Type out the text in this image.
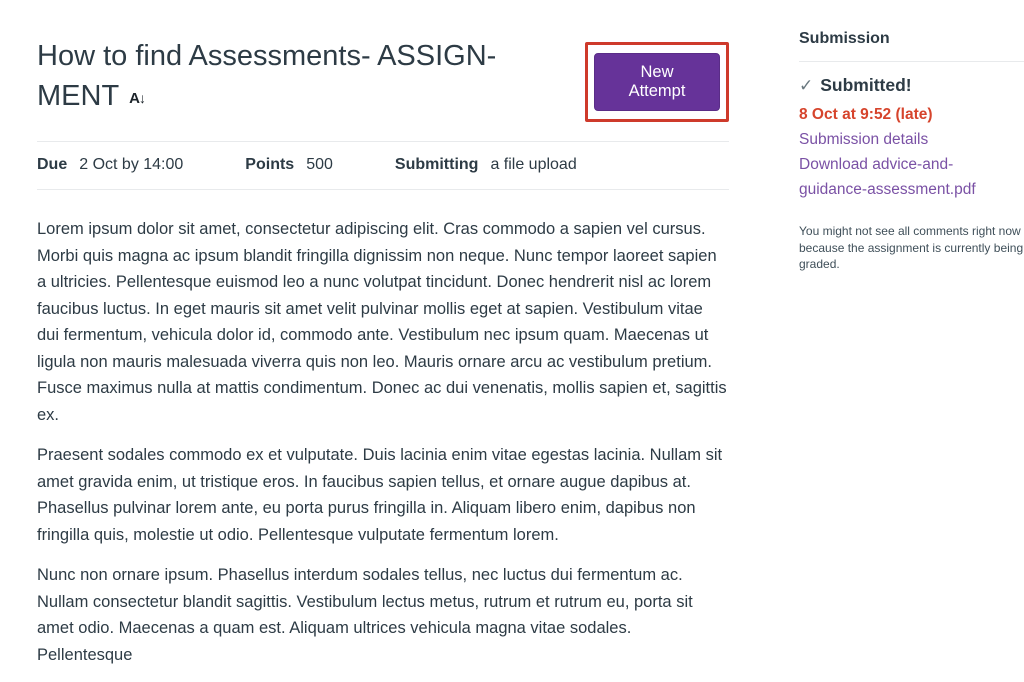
How to find Assessments- ASSIGN-
MENT A↓
New Attempt
Due 2 Oct by 14:00	Points 500	Submitting a file upload

Lorem ipsum dolor sit amet, consectetur adipiscing elit. Cras commodo a sapien vel cursus. Morbi quis magna ac ipsum blandit fringilla dignissim non neque. Nunc tempor laoreet sapien a ultricies. Pellentesque euismod leo a nunc volutpat tincidunt. Donec hendrerit nisl ac lorem faucibus luctus. In eget mauris sit amet velit pulvinar mollis eget at sapien. Vestibulum vitae dui fermentum, vehicula dolor id, commodo ante. Vestibulum nec ipsum quam. Maecenas ut ligula non mauris malesuada viverra quis non leo. Mauris ornare arcu ac vestibulum pretium. Fusce maximus nulla at mattis condimentum. Donec ac dui venenatis, mollis sapien et, sagittis ex.

Praesent sodales commodo ex et vulputate. Duis lacinia enim vitae egestas lacinia. Nullam sit amet gravida enim, ut tristique eros. In faucibus sapien tellus, et ornare augue dapibus at. Phasellus pulvinar lorem ante, eu porta purus fringilla in. Aliquam libero enim, dapibus non fringilla quis, molestie ut odio. Pellentesque vulputate fermentum lorem.

Nunc non ornare ipsum. Phasellus interdum sodales tellus, nec luctus dui fermentum ac. Nullam consectetur blandit sagittis. Vestibulum lectus metus, rutrum et rutrum eu, porta sit amet odio. Maecenas a quam est. Aliquam ultrices vehicula magna vitae sodales. Pellentesque

Submission
✓ Submitted!
8 Oct at 9:52 (late)
Submission details
Download advice-and-guidance-assessment.pdf
You might not see all comments right now because the assignment is currently being graded.
